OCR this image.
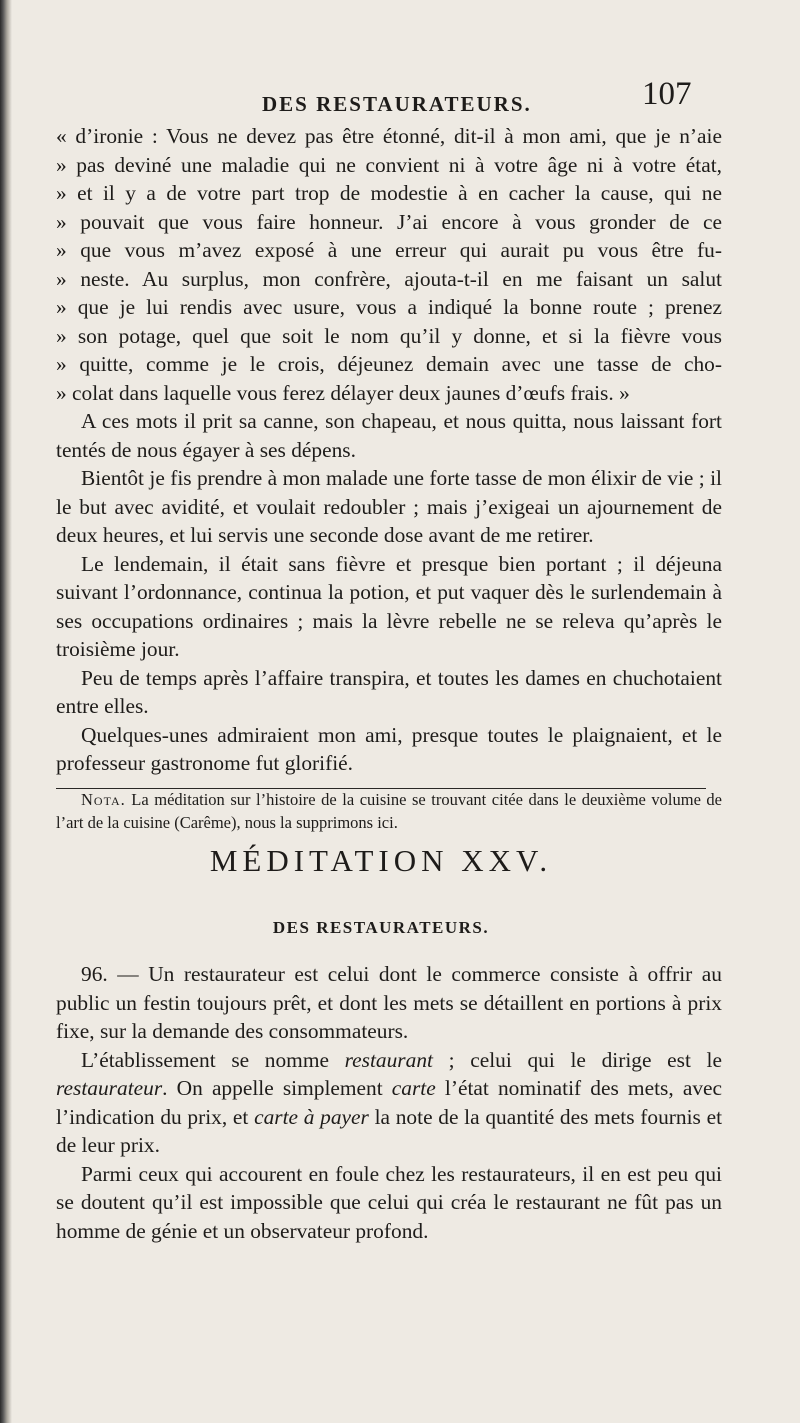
DES RESTAURATEURS.	107
« d’ironie : Vous ne devez pas être étonné, dit-il à mon ami, que je n’aie
» pas deviné une maladie qui ne convient ni à votre âge ni à votre état,
» et il y a de votre part trop de modestie à en cacher la cause, qui ne
» pouvait que vous faire honneur. J’ai encore à vous gronder de ce
» que vous m’avez exposé à une erreur qui aurait pu vous être fu-
» neste. Au surplus, mon confrère, ajouta-t-il en me faisant un salut
» que je lui rendis avec usure, vous a indiqué la bonne route ; prenez
» son potage, quel que soit le nom qu’il y donne, et si la fièvre vous
» quitte, comme je le crois, déjeunez demain avec une tasse de cho-
» colat dans laquelle vous ferez délayer deux jaunes d’œufs frais. »

A ces mots il prit sa canne, son chapeau, et nous quitta, nous laissant fort tentés de nous égayer à ses dépens.

Bientôt je fis prendre à mon malade une forte tasse de mon élixir de vie ; il le but avec avidité, et voulait redoubler ; mais j’exigeai un ajournement de deux heures, et lui servis une seconde dose avant de me retirer.

Le lendemain, il était sans fièvre et presque bien portant ; il déjeuna suivant l’ordonnance, continua la potion, et put vaquer dès le surlendemain à ses occupations ordinaires ; mais la lèvre rebelle ne se releva qu’après le troisième jour.

Peu de temps après l’affaire transpira, et toutes les dames en chuchotaient entre elles.

Quelques-unes admiraient mon ami, presque toutes le plaignaient, et le professeur gastronome fut glorifié.

Nota. La méditation sur l’histoire de la cuisine se trouvant citée dans le deuxième volume de l’art de la cuisine (Carême), nous la supprimons ici.

MÉDITATION XXV.
DES RESTAURATEURS.

96. — Un restaurateur est celui dont le commerce consiste à offrir au public un festin toujours prêt, et dont les mets se détaillent en portions à prix fixe, sur la demande des consommateurs.

L’établissement se nomme restaurant ; celui qui le dirige est le restaurateur. On appelle simplement carte l’état nominatif des mets, avec l’indication du prix, et carte à payer la note de la quantité des mets fournis et de leur prix.

Parmi ceux qui accourent en foule chez les restaurateurs, il en est peu qui se doutent qu’il est impossible que celui qui créa le restaurant ne fût pas un homme de génie et un observateur profond.
